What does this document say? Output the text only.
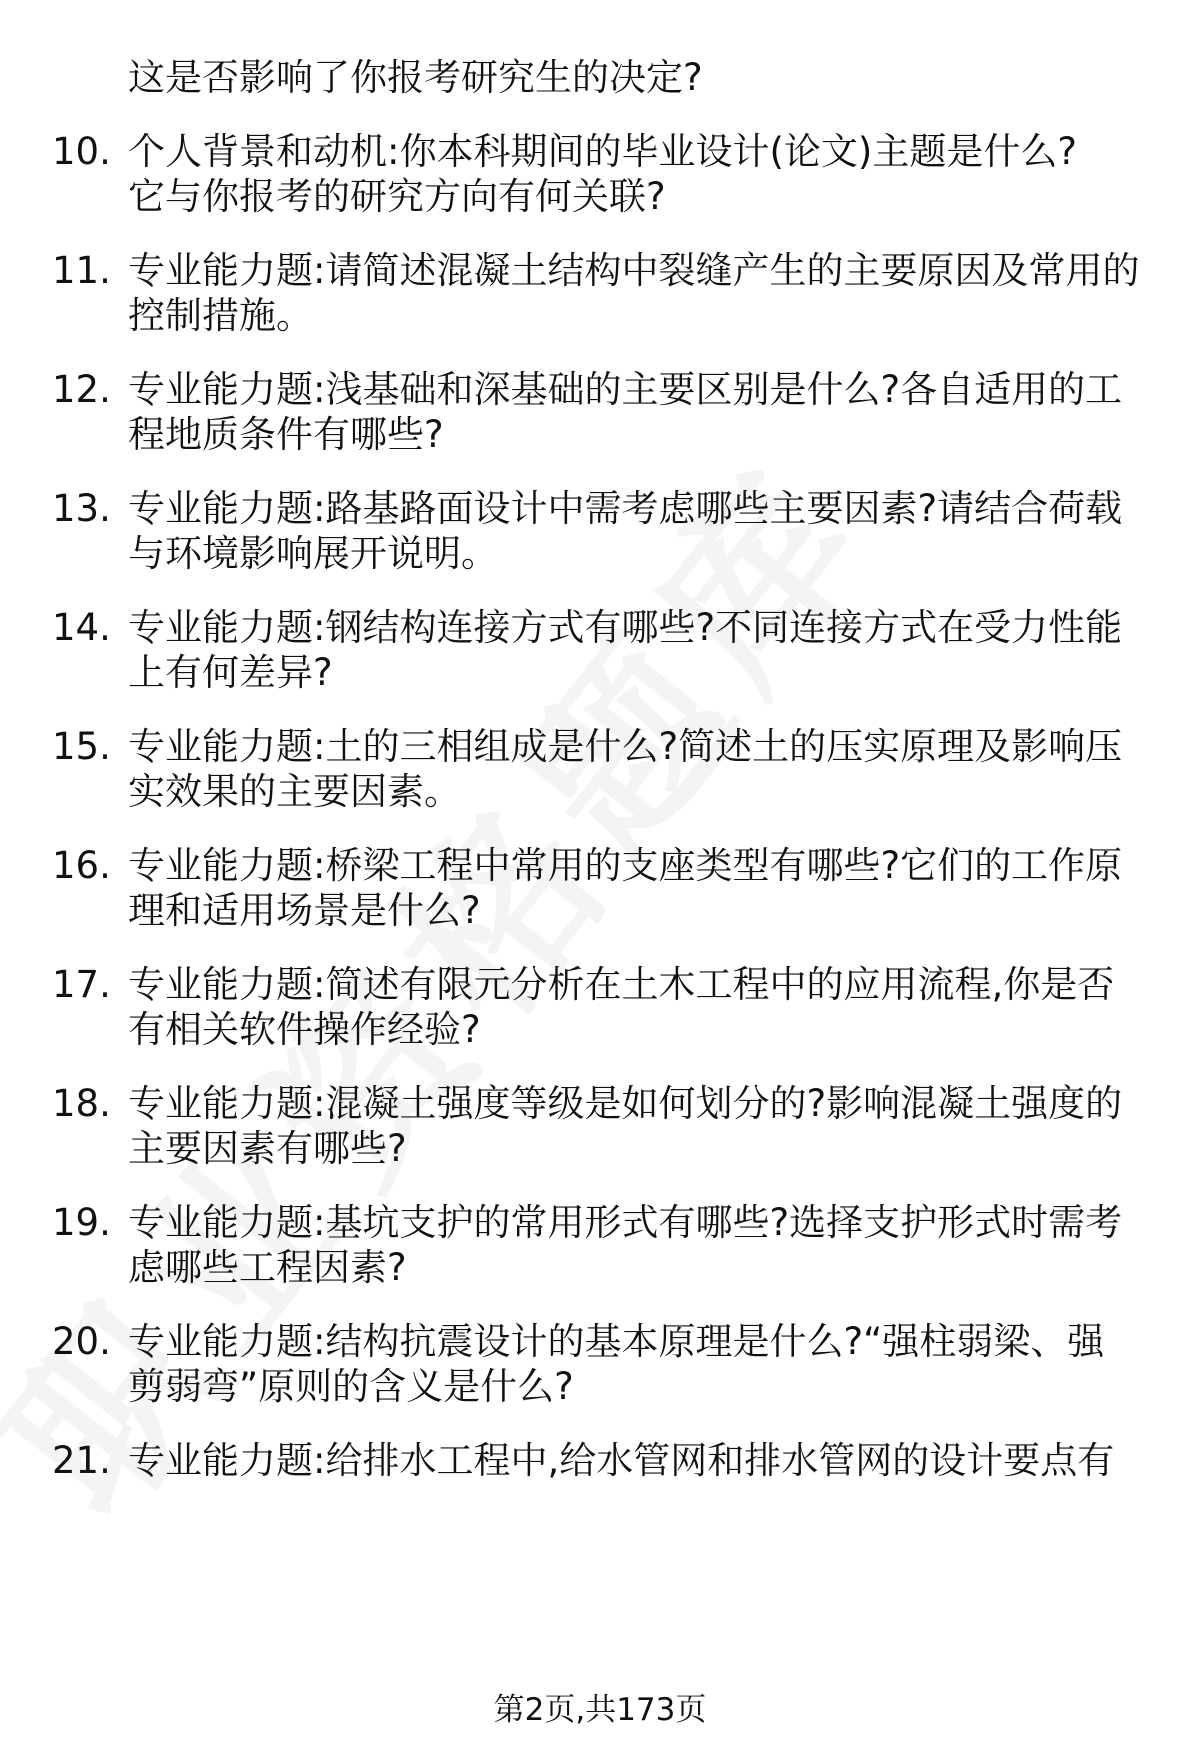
这是否影响了你报考研究生的决定?
10. 个人背景和动机:你本科期间的毕业设计(论文)主题是什么?
它与你报考的研究方向有何关联?
11. 专业能力题:请简述混凝土结构中裂缝产生的主要原因及常用的
控制措施。
12. 专业能力题:浅基础和深基础的主要区别是什么?各自适用的工
程地质条件有哪些?
13. 专业能力题:路基路面设计中需考虑哪些主要因素?请结合荷载
与环境影响展开说明。
14. 专业能力题:钢结构连接方式有哪些?不同连接方式在受力性能
上有何差异?
15. 专业能力题:土的三相组成是什么?简述土的压实原理及影响压
实效果的主要因素。
16. 专业能力题:桥梁工程中常用的支座类型有哪些?它们的工作原
理和适用场景是什么?
17. 专业能力题:简述有限元分析在土木工程中的应用流程,你是否
有相关软件操作经验?
18. 专业能力题:混凝土强度等级是如何划分的?影响混凝土强度的
主要因素有哪些?
19. 专业能力题:基坑支护的常用形式有哪些?选择支护形式时需考
虑哪些工程因素?
20. 专业能力题:结构抗震设计的基本原理是什么?“强柱弱梁、强
剪弱弯”原则的含义是什么?
21. 专业能力题:给排水工程中,给水管网和排水管网的设计要点有
第2页,共173页
